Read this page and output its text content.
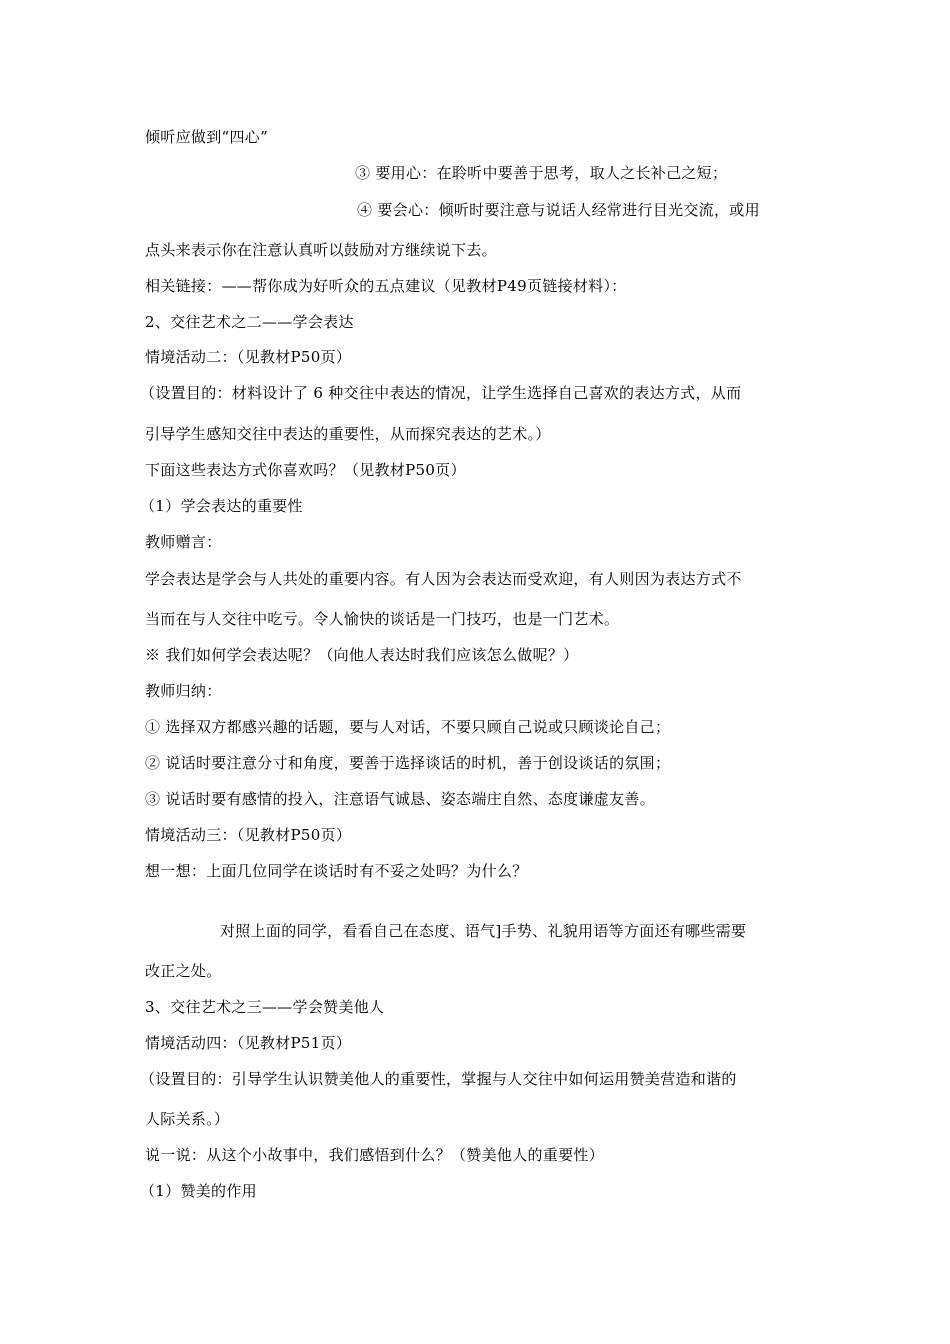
倾听应做到“四心”
③ 要用心：在聆听中要善于思考，取人之长补己之短；
④ 要会心：倾听时要注意与说话人经常进行目光交流，或用
点头来表示你在注意认真听以鼓励对方继续说下去。
相关链接：——帮你成为好听众的五点建议（见教材P49页链接材料）：
2、交往艺术之二——学会表达
情境活动二：（见教材P50页）
（设置目的：材料设计了 6 种交往中表达的情况，让学生选择自己喜欢的表达方式，从而
引导学生感知交往中表达的重要性，从而探究表达的艺术。）
下面这些表达方式你喜欢吗？（见教材P50页）
（1）学会表达的重要性
教师赠言：
学会表达是学会与人共处的重要内容。有人因为会表达而受欢迎，有人则因为表达方式不
当而在与人交往中吃亏。令人愉快的谈话是一门技巧，也是一门艺术。
※ 我们如何学会表达呢？（向他人表达时我们应该怎么做呢？）
教师归纳：
① 选择双方都感兴趣的话题，要与人对话，不要只顾自己说或只顾谈论自己；
② 说话时要注意分寸和角度，要善于选择谈话的时机，善于创设谈话的氛围；
③ 说话时要有感情的投入，注意语气诚恳、姿态端庄自然、态度谦虚友善。
情境活动三：（见教材P50页）
想一想：上面几位同学在谈话时有不妥之处吗？为什么？
对照上面的同学，看看自己在态度、语气]手势、礼貌用语等方面还有哪些需要
改正之处。
3、交往艺术之三——学会赞美他人
情境活动四：（见教材P51页）
（设置目的：引导学生认识赞美他人的重要性，掌握与人交往中如何运用赞美营造和谐的
人际关系。）
说一说：从这个小故事中，我们感悟到什么？（赞美他人的重要性）
（1）赞美的作用
